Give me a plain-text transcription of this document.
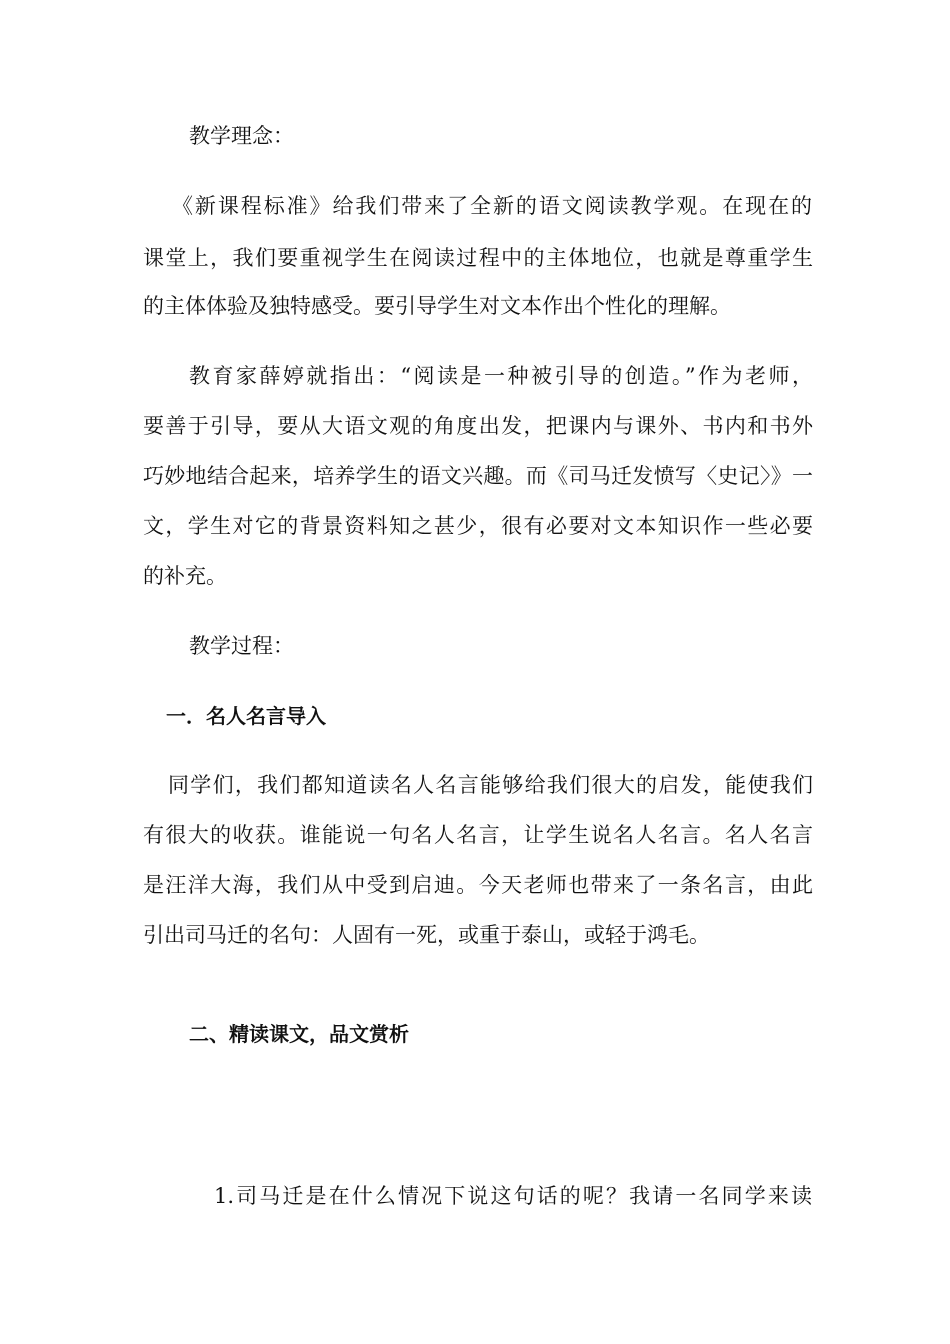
教学理念：
《新课程标准》给我们带来了全新的语文阅读教学观。在现在的
课堂上，我们要重视学生在阅读过程中的主体地位，也就是尊重学生
的主体体验及独特感受。要引导学生对文本作出个性化的理解。
教育家薛婷就指出：“阅读是一种被引导的创造。”作为老师，
要善于引导，要从大语文观的角度出发，把课内与课外、书内和书外
巧妙地结合起来，培养学生的语文兴趣。而《司马迁发愤写〈史记〉》一
文，学生对它的背景资料知之甚少，很有必要对文本知识作一些必要
的补充。
教学过程：
一．名人名言导入
同学们，我们都知道读名人名言能够给我们很大的启发，能使我们
有很大的收获。谁能说一句名人名言，让学生说名人名言。名人名言
是汪洋大海，我们从中受到启迪。今天老师也带来了一条名言，由此
引出司马迁的名句：人固有一死，或重于泰山，或轻于鸿毛。
二、精读课文，品文赏析
1.司马迁是在什么情况下说这句话的呢？我请一名同学来读
